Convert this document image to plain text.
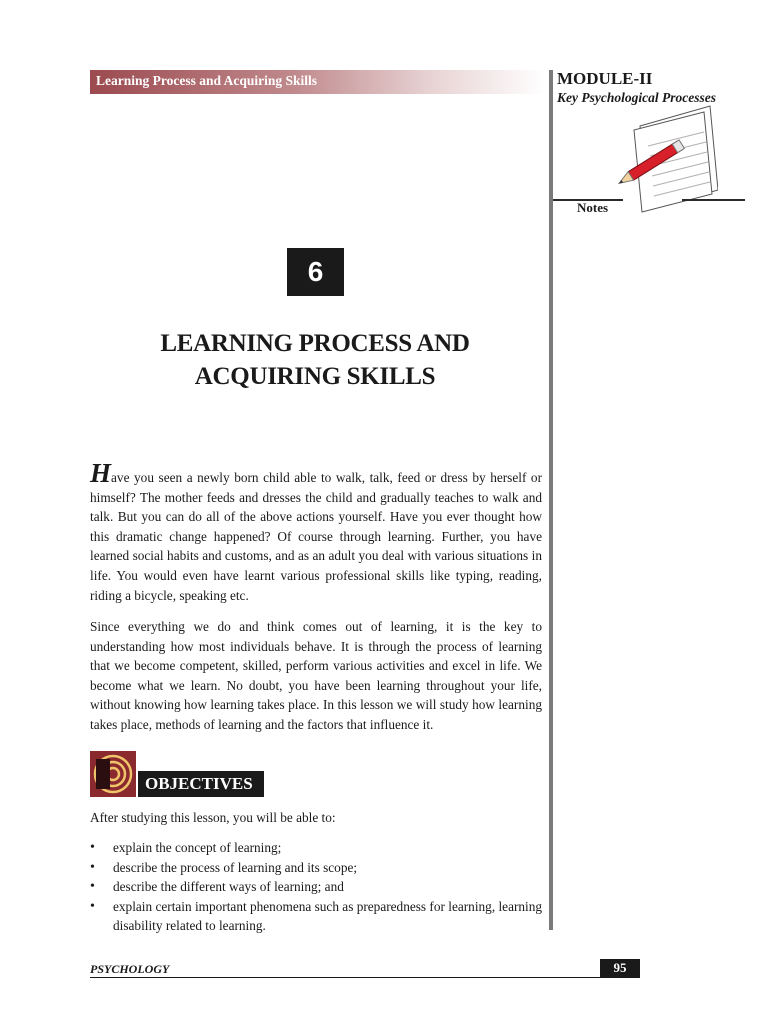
Learning Process and Acquiring Skills	MODULE-II
Key Psychological Processes
Notes
6
LEARNING PROCESS AND
ACQUIRING SKILLS
Have you seen a newly born child able to walk, talk, feed or dress by herself or himself? The mother feeds and dresses the child and gradually teaches to walk and talk. But you can do all of the above actions yourself. Have you ever thought how this dramatic change happened? Of course through learning. Further, you have learned social habits and customs, and as an adult you deal with various situations in life. You would even have learnt various professional skills like typing, reading, riding a bicycle, speaking etc.
Since everything we do and think comes out of learning, it is the key to understanding how most individuals behave. It is through the process of learning that we become competent, skilled, perform various activities and excel in life. We become what we learn. No doubt, you have been learning throughout your life, without knowing how learning takes place. In this lesson we will study how learning takes place, methods of learning and the factors that influence it.
OBJECTIVES
After studying this lesson, you will be able to:
• explain the concept of learning;
• describe the process of learning and its scope;
• describe the different ways of learning; and
• explain certain important phenomena such as preparedness for learning, learning disability related to learning.
PSYCHOLOGY	95
